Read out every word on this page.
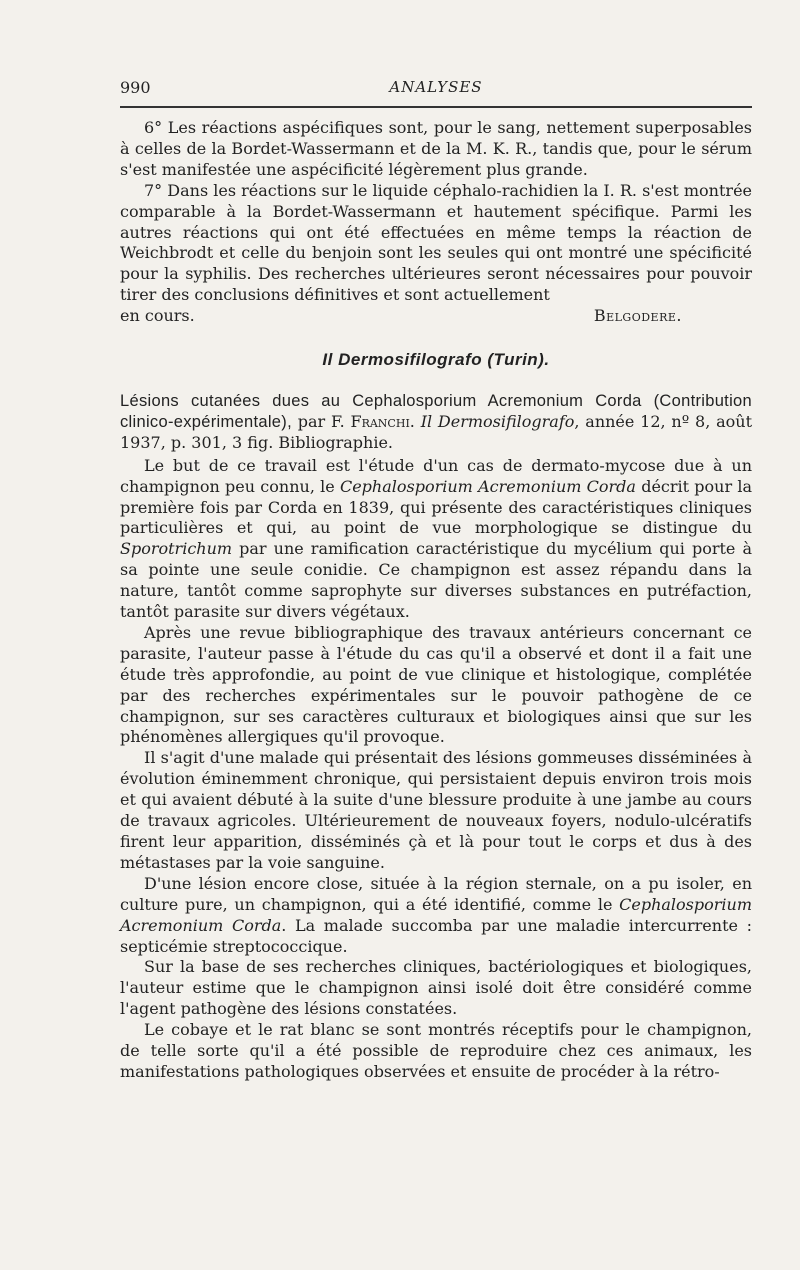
990	ANALYSES

6° Les réactions aspécifiques sont, pour le sang, nettement superposables à celles de la Bordet-Wassermann et de la M. K. R., tandis que, pour le sérum s'est manifestée une aspécificité légèrement plus grande.

7° Dans les réactions sur le liquide céphalo-rachidien la I. R. s'est montrée comparable à la Bordet-Wassermann et hautement spécifique. Parmi les autres réactions qui ont été effectuées en même temps la réaction de Weichbrodt et celle du benjoin sont les seules qui ont montré une spécificité pour la syphilis. Des recherches ultérieures seront nécessaires pour pouvoir tirer des conclusions définitives et sont actuellement

en cours.	Belgodere.
Il Dermosifilografo (Turin).

Lésions cutanées dues au Cephalosporium Acremonium Corda (Contribution clinico-expérimentale), par F. Franchi. Il Dermosifilografo, année 12, nº 8, août 1937, p. 301, 3 fig. Bibliographie.

Le but de ce travail est l'étude d'un cas de dermato-mycose due à un champignon peu connu, le Cephalosporium Acremonium Corda décrit pour la première fois par Corda en 1839, qui présente des caractéristiques cliniques particulières et qui, au point de vue morphologique se distingue du Sporotrichum par une ramification caractéristique du mycélium qui porte à sa pointe une seule conidie. Ce champignon est assez répandu dans la nature, tantôt comme saprophyte sur diverses substances en putréfaction, tantôt parasite sur divers végétaux.

Après une revue bibliographique des travaux antérieurs concernant ce parasite, l'auteur passe à l'étude du cas qu'il a observé et dont il a fait une étude très approfondie, au point de vue clinique et histologique, complétée par des recherches expérimentales sur le pouvoir pathogène de ce champignon, sur ses caractères culturaux et biologiques ainsi que sur les phénomènes allergiques qu'il provoque.

Il s'agit d'une malade qui présentait des lésions gommeuses disséminées à évolution éminemment chronique, qui persistaient depuis environ trois mois et qui avaient débuté à la suite d'une blessure produite à une jambe au cours de travaux agricoles. Ultérieurement de nouveaux foyers, nodulo-ulcératifs firent leur apparition, disséminés çà et là pour tout le corps et dus à des métastases par la voie sanguine.

D'une lésion encore close, située à la région sternale, on a pu isoler, en culture pure, un champignon, qui a été identifié, comme le Cephalosporium Acremonium Corda. La malade succomba par une maladie intercurrente : septicémie streptococcique.

Sur la base de ses recherches cliniques, bactériologiques et biologiques, l'auteur estime que le champignon ainsi isolé doit être considéré comme l'agent pathogène des lésions constatées.

Le cobaye et le rat blanc se sont montrés réceptifs pour le champignon, de telle sorte qu'il a été possible de reproduire chez ces animaux, les manifestations pathologiques observées et ensuite de procéder à la rétro-
